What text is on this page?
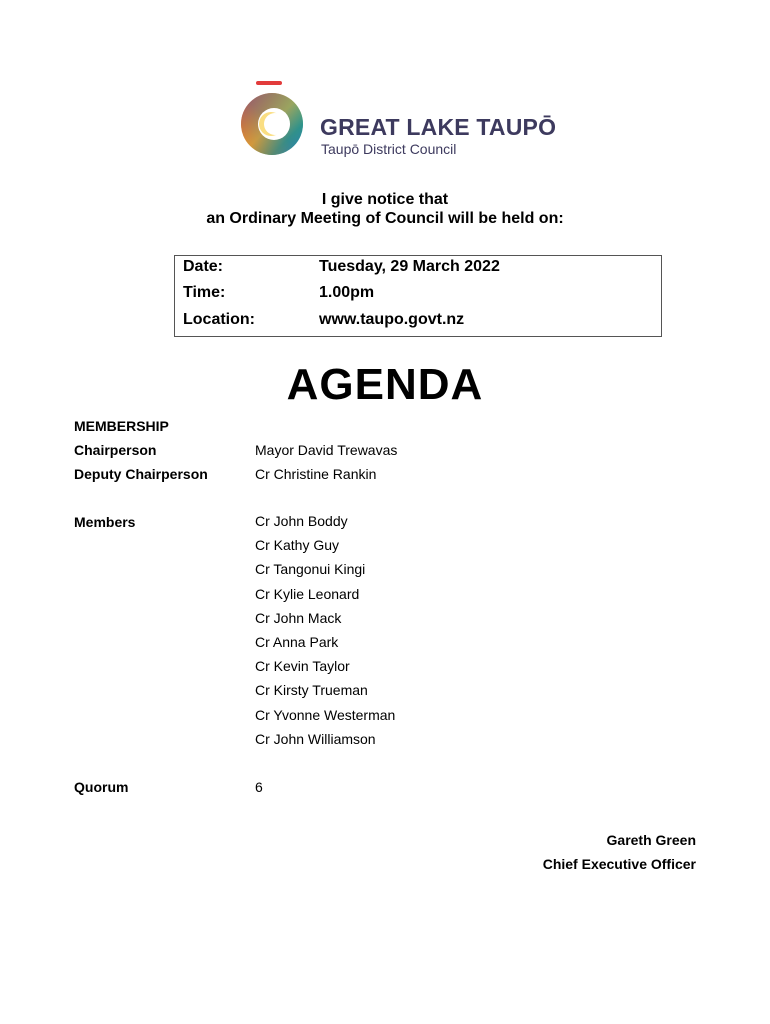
GREAT LAKE TAUPŌ
Taupō District Council
I give notice that
an Ordinary Meeting of Council will be held on:
Date:	Tuesday, 29 March 2022
Time:	1.00pm
Location:	www.taupo.govt.nz
AGENDA
MEMBERSHIP
Chairperson	Mayor David Trewavas
Deputy Chairperson	Cr Christine Rankin
Members	Cr John Boddy
Cr Kathy Guy
Cr Tangonui Kingi
Cr Kylie Leonard
Cr John Mack
Cr Anna Park
Cr Kevin Taylor
Cr Kirsty Trueman
Cr Yvonne Westerman
Cr John Williamson
Quorum	6
Gareth Green
Chief Executive Officer
